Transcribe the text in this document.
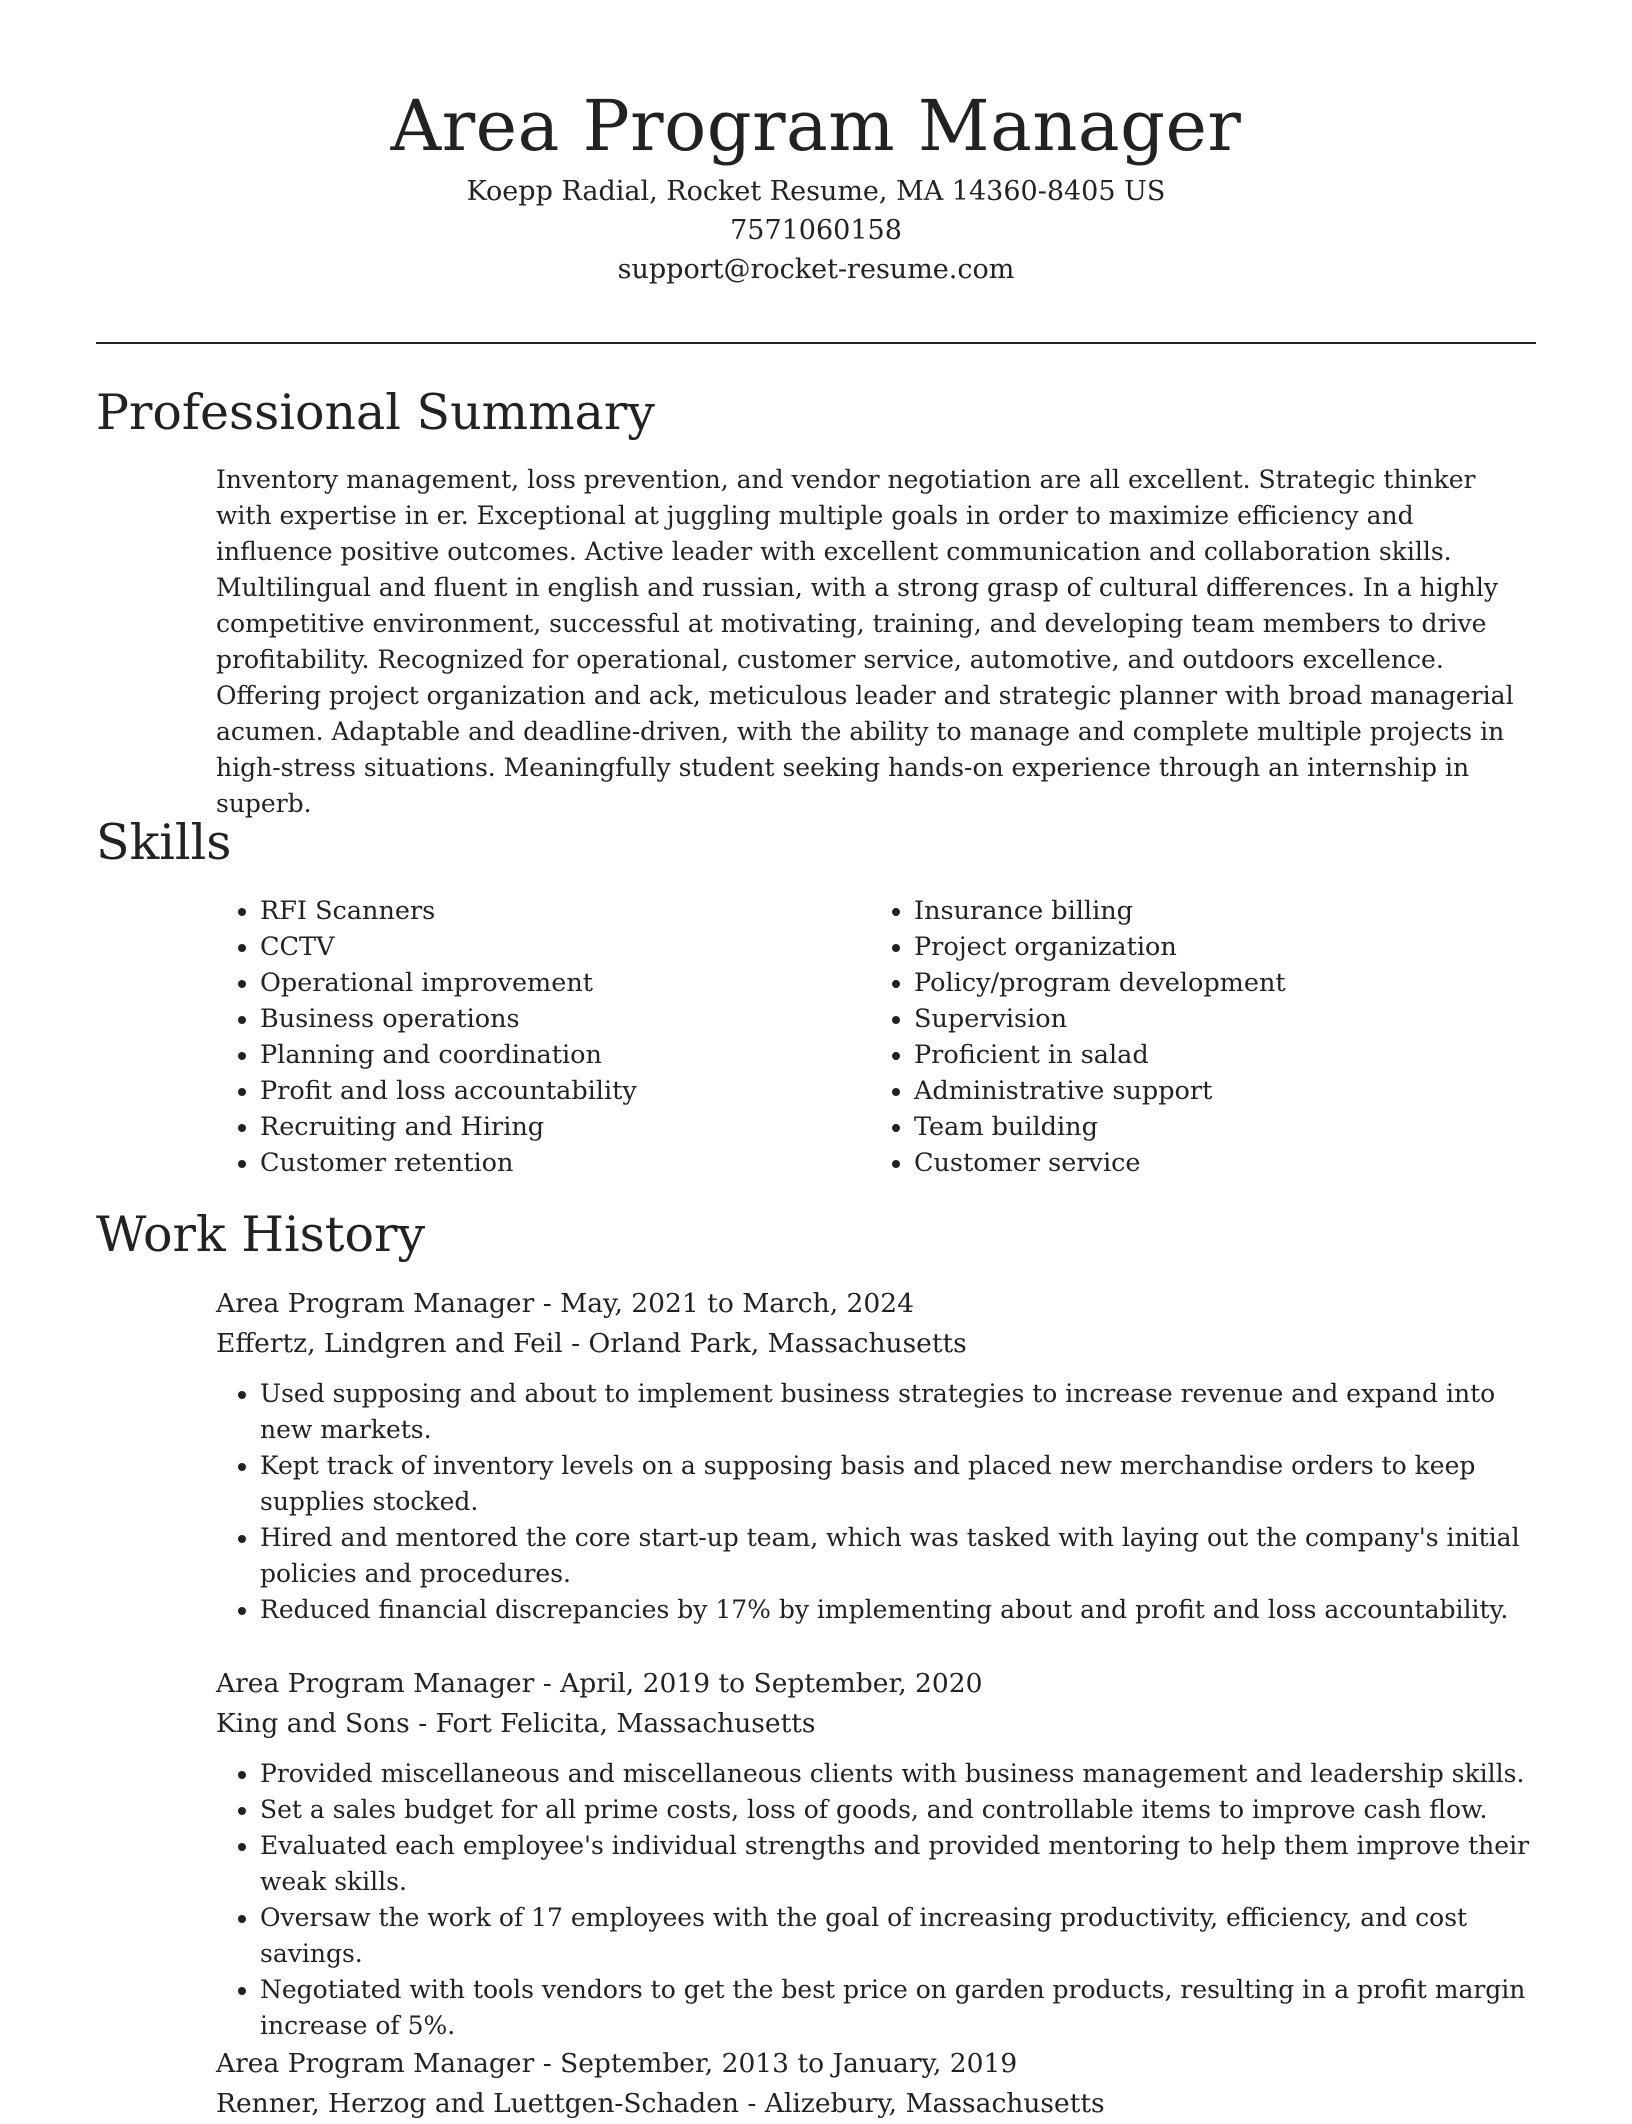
Area Program Manager
Koepp Radial, Rocket Resume, MA 14360-8405 US
7571060158
support@rocket-resume.com
Professional Summary

Inventory management, loss prevention, and vendor negotiation are all excellent. Strategic thinker with expertise in er. Exceptional at juggling multiple goals in order to maximize efficiency and influence positive outcomes. Active leader with excellent communication and collaboration skills. Multilingual and fluent in english and russian, with a strong grasp of cultural differences. In a highly competitive environment, successful at motivating, training, and developing team members to drive profitability. Recognized for operational, customer service, automotive, and outdoors excellence. Offering project organization and ack, meticulous leader and strategic planner with broad managerial acumen. Adaptable and deadline-driven, with the ability to manage and complete multiple projects in high-stress situations. Meaningfully student seeking hands-on experience through an internship in superb.

Skills
• RFI Scanners
• CCTV
• Operational improvement
• Business operations
• Planning and coordination
• Profit and loss accountability
• Recruiting and Hiring
• Customer retention
• Insurance billing
• Project organization
• Policy/program development
• Supervision
• Proficient in salad
• Administrative support
• Team building
• Customer service
Work History

Area Program Manager - May, 2021 to March, 2024

Effertz, Lindgren and Feil - Orland Park, Massachusetts

• Used supposing and about to implement business strategies to increase revenue and expand into new markets.
• Kept track of inventory levels on a supposing basis and placed new merchandise orders to keep supplies stocked.
• Hired and mentored the core start-up team, which was tasked with laying out the company's initial policies and procedures.
• Reduced financial discrepancies by 17% by implementing about and profit and loss accountability.

Area Program Manager - April, 2019 to September, 2020

King and Sons - Fort Felicita, Massachusetts

• Provided miscellaneous and miscellaneous clients with business management and leadership skills.
• Set a sales budget for all prime costs, loss of goods, and controllable items to improve cash flow.
• Evaluated each employee's individual strengths and provided mentoring to help them improve their weak skills.
• Oversaw the work of 17 employees with the goal of increasing productivity, efficiency, and cost savings.
• Negotiated with tools vendors to get the best price on garden products, resulting in a profit margin increase of 5%.

Area Program Manager - September, 2013 to January, 2019

Renner, Herzog and Luettgen-Schaden - Alizebury, Massachusetts
